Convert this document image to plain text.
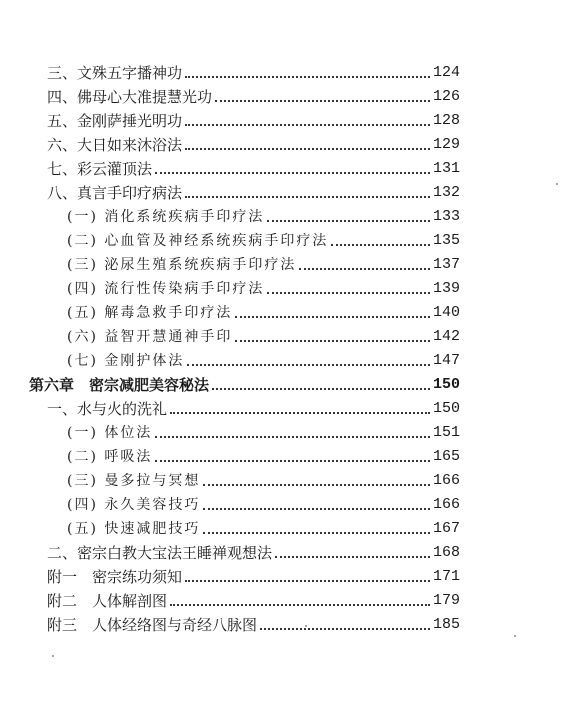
三、文殊五字播神功	124
四、佛母心大准提慧光功	126
五、金刚萨捶光明功	128
六、大日如来沐浴法	129
七、彩云灌顶法	131
八、真言手印疗病法	132
(一) 消化系统疾病手印疗法	133
(二) 心血管及神经系统疾病手印疗法	135
(三) 泌尿生殖系统疾病手印疗法	137
(四) 流行性传染病手印疗法	139
(五) 解毒急救手印疗法	140
(六) 益智开慧通神手印	142
(七) 金刚护体法	147
第六章　密宗减肥美容秘法	150
一、水与火的洗礼	150
(一) 体位法	151
(二) 呼吸法	165
(三) 曼多拉与冥想	166
(四) 永久美容技巧	166
(五) 快速减肥技巧	167
二、密宗白教大宝法王睡禅观想法	168
附一　密宗练功须知	171
附二　人体解剖图	179
附三　人体经络图与奇经八脉图	185
